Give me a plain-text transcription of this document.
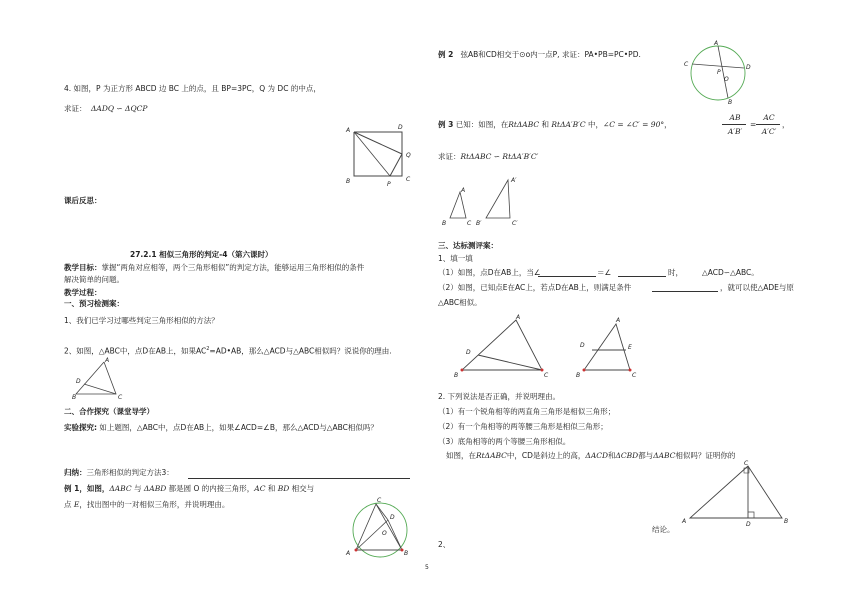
4. 如图，P 为正方形 ABCD 边 BC 上的点，且 BP=3PC，Q 为 DC 的中点，
求证： ΔADQ ∽ ΔQCP
A	D
Q
C
P
B
课后反思：
27.2.1 相似三角形的判定-4（第六课时）
教学目标：掌握“两角对应相等，两个三角形相似”的判定方法，能够运用三角形相似的条件
解决简单的问题。
教学过程：
一、预习检测案：
1、我们已学习过哪些判定三角形相似的方法？
2、如图，△ABC中，点D在AB上，如果$AC^2=AD•AB$，那么△ACD与△ABC相似吗？说说你的理由.
A
D
B	C
二、合作探究（课堂导学）
实验探究: 如上题图，△ABC中，点D在AB上，如果∠ACD=∠B，那么△ACD与△ABC相似吗？
归纳：三角形相似的判定方法3：
例 1，如图，ΔABC 与 ΔABD 都是圆 O 的内接三角形，AC 和 BD 相交与
点 E，找出图中的一对相似三角形，并说明理由。	C
D
O
A	B
5
例 2 弦AB和CD相交于⊙o内一点P, 求证：PA•PB=PC•PD.
A
C	D
P
O
B
例 3 已知：如图，在RtΔABC 和 RtΔA′B′C 中，∠C = ∠C′ = 90°，
AB
A′B′
=
AC
A′C′
，
求证：RtΔABC ∽ RtΔA′B′C′
A
B	C
A′
B′	C′
三、达标测评案：
1、填一填
（1）如图，点D在AB上，当∠	＝∠	时，	△ACD∽△ABC。
（2）如图，已知点E在AC上，若点D在AB上，则满足条件	，就可以使△ADE与原
△ABC相似。
A
D
B	C
A
D	E
B	C
2. 下列说法是否正确，并说明理由。
（1）有一个锐角相等的两直角三角形是相似三角形；
（2）有一个角相等的两等腰三角形是相似三角形；
（3）底角相等的两个等腰三角形相似。
如图，在RtΔABC中，CD是斜边上的高，ΔACD和ΔCBD都与ΔABC相似吗？证明你的
C
A	D	B
结论。
2、
